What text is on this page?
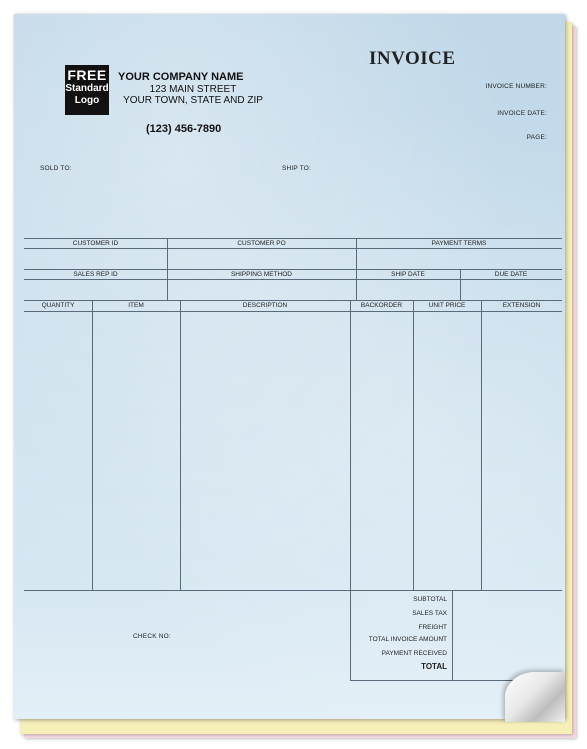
FREE
Standard
Logo
YOUR COMPANY NAME
123 MAIN STREET
YOUR TOWN, STATE AND ZIP
(123) 456-7890
INVOICE
INVOICE NUMBER:
INVOICE DATE:
PAGE:
SOLD TO:	SHIP TO:
CUSTOMER ID	CUSTOMER PO	PAYMENT TERMS
SALES REP ID	SHIPPING METHOD	SHIP DATE	DUE DATE
QUANTITY	ITEM	DESCRIPTION	BACKORDER	UNIT PRICE	EXTENSION
SUBTOTAL
SALES TAX
FREIGHT
TOTAL INVOICE AMOUNT
PAYMENT RECEIVED
TOTAL
CHECK NO:
